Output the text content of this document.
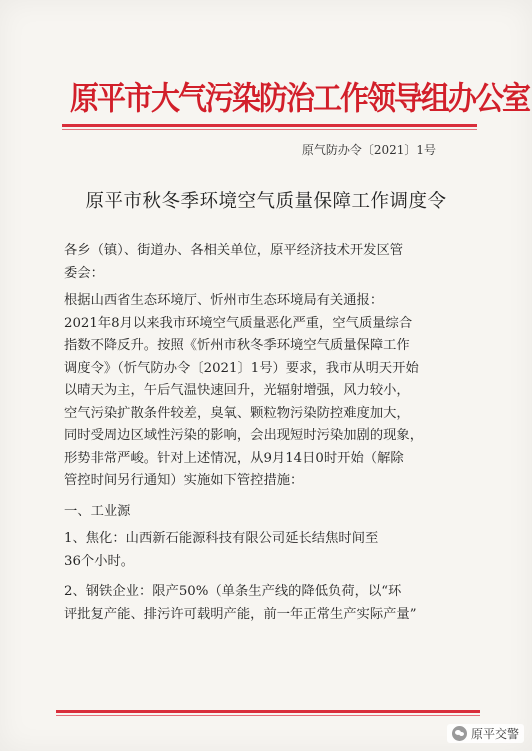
原平市大气污染防治工作领导组办公室
原气防办令〔2021〕1号
原平市秋冬季环境空气质量保障工作调度令
各乡（镇）、街道办、各相关单位，原平经济技术开发区管
委会：
根据山西省生态环境厅、忻州市生态环境局有关通报：
2021年8月以来我市环境空气质量恶化严重，空气质量综合
指数不降反升。按照《忻州市秋冬季环境空气质量保障工作
调度令》（忻气防办令〔2021〕1号）要求，我市从明天开始
以晴天为主，午后气温快速回升，光辐射增强，风力较小，
空气污染扩散条件较差，臭氧、颗粒物污染防控难度加大，
同时受周边区域性污染的影响，会出现短时污染加剧的现象，
形势非常严峻。针对上述情况，从9月14日0时开始（解除
管控时间另行通知）实施如下管控措施：
一、工业源
1、焦化：山西新石能源科技有限公司延长结焦时间至
36个小时。
2、钢铁企业：限产50%（单条生产线的降低负荷，以“环
评批复产能、排污许可载明产能，前一年正常生产实际产量”
原平交警
